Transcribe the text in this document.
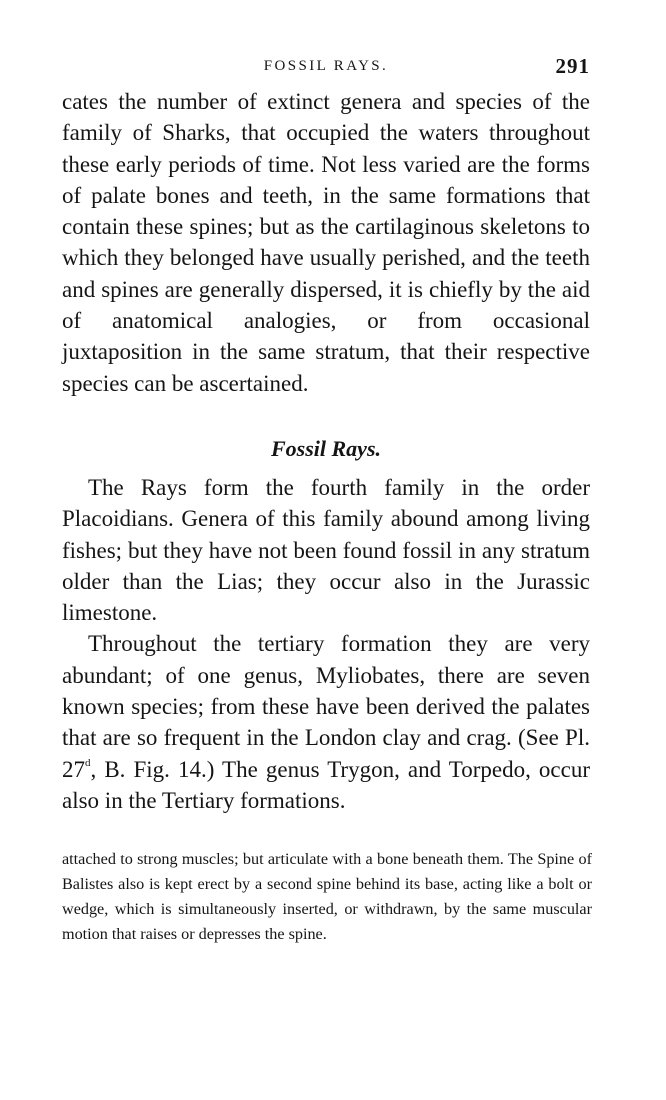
FOSSIL RAYS.	291

cates the number of extinct genera and species of the family of Sharks, that occupied the waters throughout these early periods of time. Not less varied are the forms of palate bones and teeth, in the same formations that contain these spines; but as the cartilaginous skeletons to which they belonged have usually perished, and the teeth and spines are generally dispersed, it is chiefly by the aid of anatomical analogies, or from occasional juxtaposition in the same stratum, that their respective species can be ascertained.

Fossil Rays.

The Rays form the fourth family in the order Placoidians. Genera of this family abound among living fishes; but they have not been found fossil in any stratum older than the Lias; they occur also in the Jurassic limestone.

Throughout the tertiary formation they are very abundant; of one genus, Myliobates, there are seven known species; from these have been derived the palates that are so frequent in the London clay and crag. (See Pl. 27$^d$, B. Fig. 14.) The genus Trygon, and Torpedo, occur also in the Tertiary formations.

attached to strong muscles; but articulate with a bone beneath them. The Spine of Balistes also is kept erect by a second spine behind its base, acting like a bolt or wedge, which is simultaneously inserted, or withdrawn, by the same muscular motion that raises or depresses the spine.
